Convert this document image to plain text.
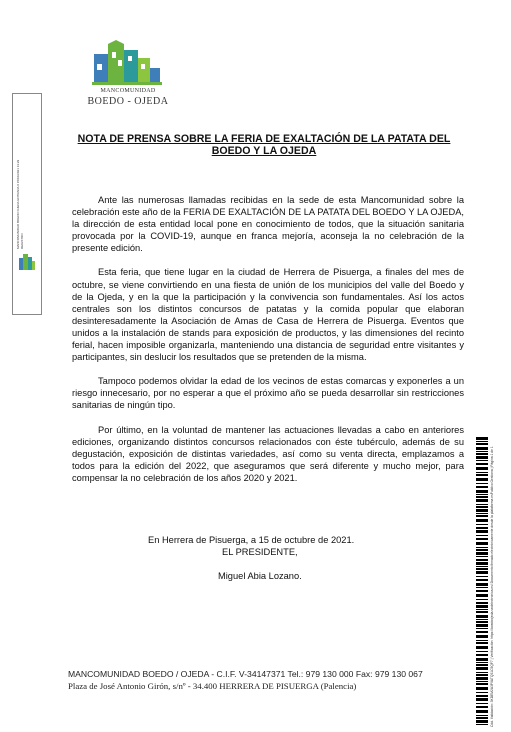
MANCOMUNIDAD
BOEDO - OJEDA
MANCOMUNIDAD BOEDO OJEDA ENTRADA 0 15/10/2021 13:29 REGISTRO
NOTA DE PRENSA SOBRE LA FERIA DE EXALTACIÓN DE LA PATATA DEL BOEDO Y LA OJEDA

Ante las numerosas llamadas recibidas en la sede de esta Mancomunidad sobre la celebración este año de la FERIA DE EXALTACIÓN DE LA PATATA DEL BOEDO Y LA OJEDA, la dirección de esta entidad local pone en conocimiento de todos, que la situación sanitaria provocada por la COVID-19, aunque en franca mejoría, aconseja la no celebración de la presente edición.

Esta feria, que tiene lugar en la ciudad de Herrera de Pisuerga, a finales del mes de octubre, se viene convirtiendo en una fiesta de unión de los municipios del valle del Boedo y de la Ojeda, y en la que la participación y la convivencia son fundamentales. Así los actos centrales son los distintos concursos de patatas y la comida popular que elaboran desinteresadamente la Asociación de Amas de Casa de Herrera de Pisuerga. Eventos que unidos a la instalación de stands para exposición de productos, y las dimensiones del recinto ferial, hacen imposible organizarla, manteniendo una distancia de seguridad entre visitantes y participantes, sin deslucir los resultados que se pretenden de la misma.

Tampoco podemos olvidar la edad de los vecinos de estas comarcas y exponerles a un riesgo innecesario, por no esperar a que el próximo año se pueda desarrollar sin restricciones sanitarias de ningún tipo.

Por último, en la voluntad de mantener las actuaciones llevadas a cabo en anteriores ediciones, organizando distintos concursos relacionados con éste tubérculo, además de su degustación, exposición de distintas variedades, así como su venta directa, emplazamos a todos para la edición del 2022, que aseguramos que será diferente y mucho mejor, para compensar la no celebración de los años 2020 y 2021.

En Herrera de Pisuerga, a 15 de octubre de 2021.
EL PRESIDENTE,
Miguel Abia Lozano.
MANCOMUNIDAD BOEDO / OJEDA - C.I.F. V-34147371 Tel.: 979 130 000 Fax: 979 130 067
Plaza de José Antonio Girón, s/nº - 34.400 HERRERA DE PISUERGA (Palencia)	Cód. Validación: 3KDEM2A3P9ATQ51C9QF7 | Verificación: https://boedoojeda.sedelectronica.es/ Documento firmado electrónicamente desde la plataforma esPublico Gestiona | Página 1 de 1
